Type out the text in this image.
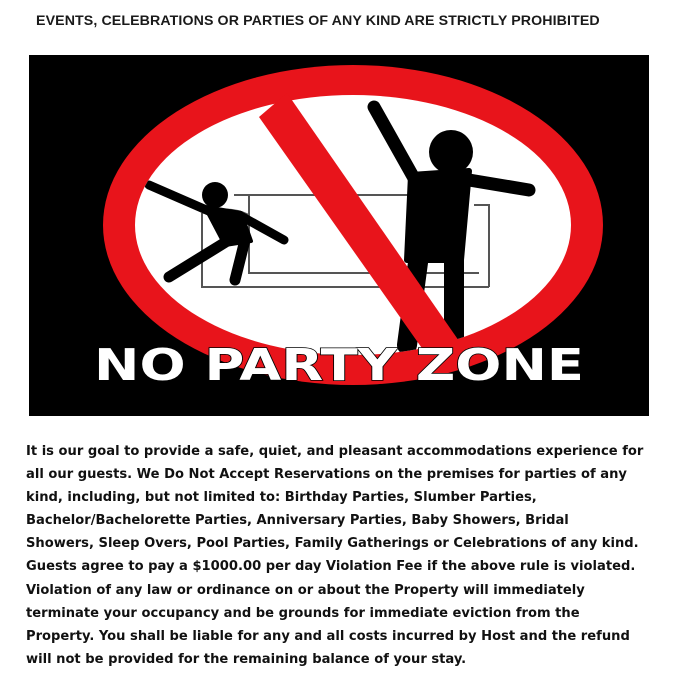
EVENTS, CELEBRATIONS OR PARTIES OF ANY KIND ARE STRICTLY PROHIBITED
NO PARTY ZONE
It is our goal to provide a safe, quiet, and pleasant accommodations experience for
all our guests. We Do Not Accept Reservations on the premises for parties of any
kind, including, but not limited to: Birthday Parties, Slumber Parties,
Bachelor/Bachelorette Parties, Anniversary Parties, Baby Showers, Bridal
Showers, Sleep Overs, Pool Parties, Family Gatherings or Celebrations of any kind.
Guests agree to pay a $1000.00 per day Violation Fee if the above rule is violated.
Violation of any law or ordinance on or about the Property will immediately
terminate your occupancy and be grounds for immediate eviction from the
Property. You shall be liable for any and all costs incurred by Host and the refund
will not be provided for the remaining balance of your stay.
